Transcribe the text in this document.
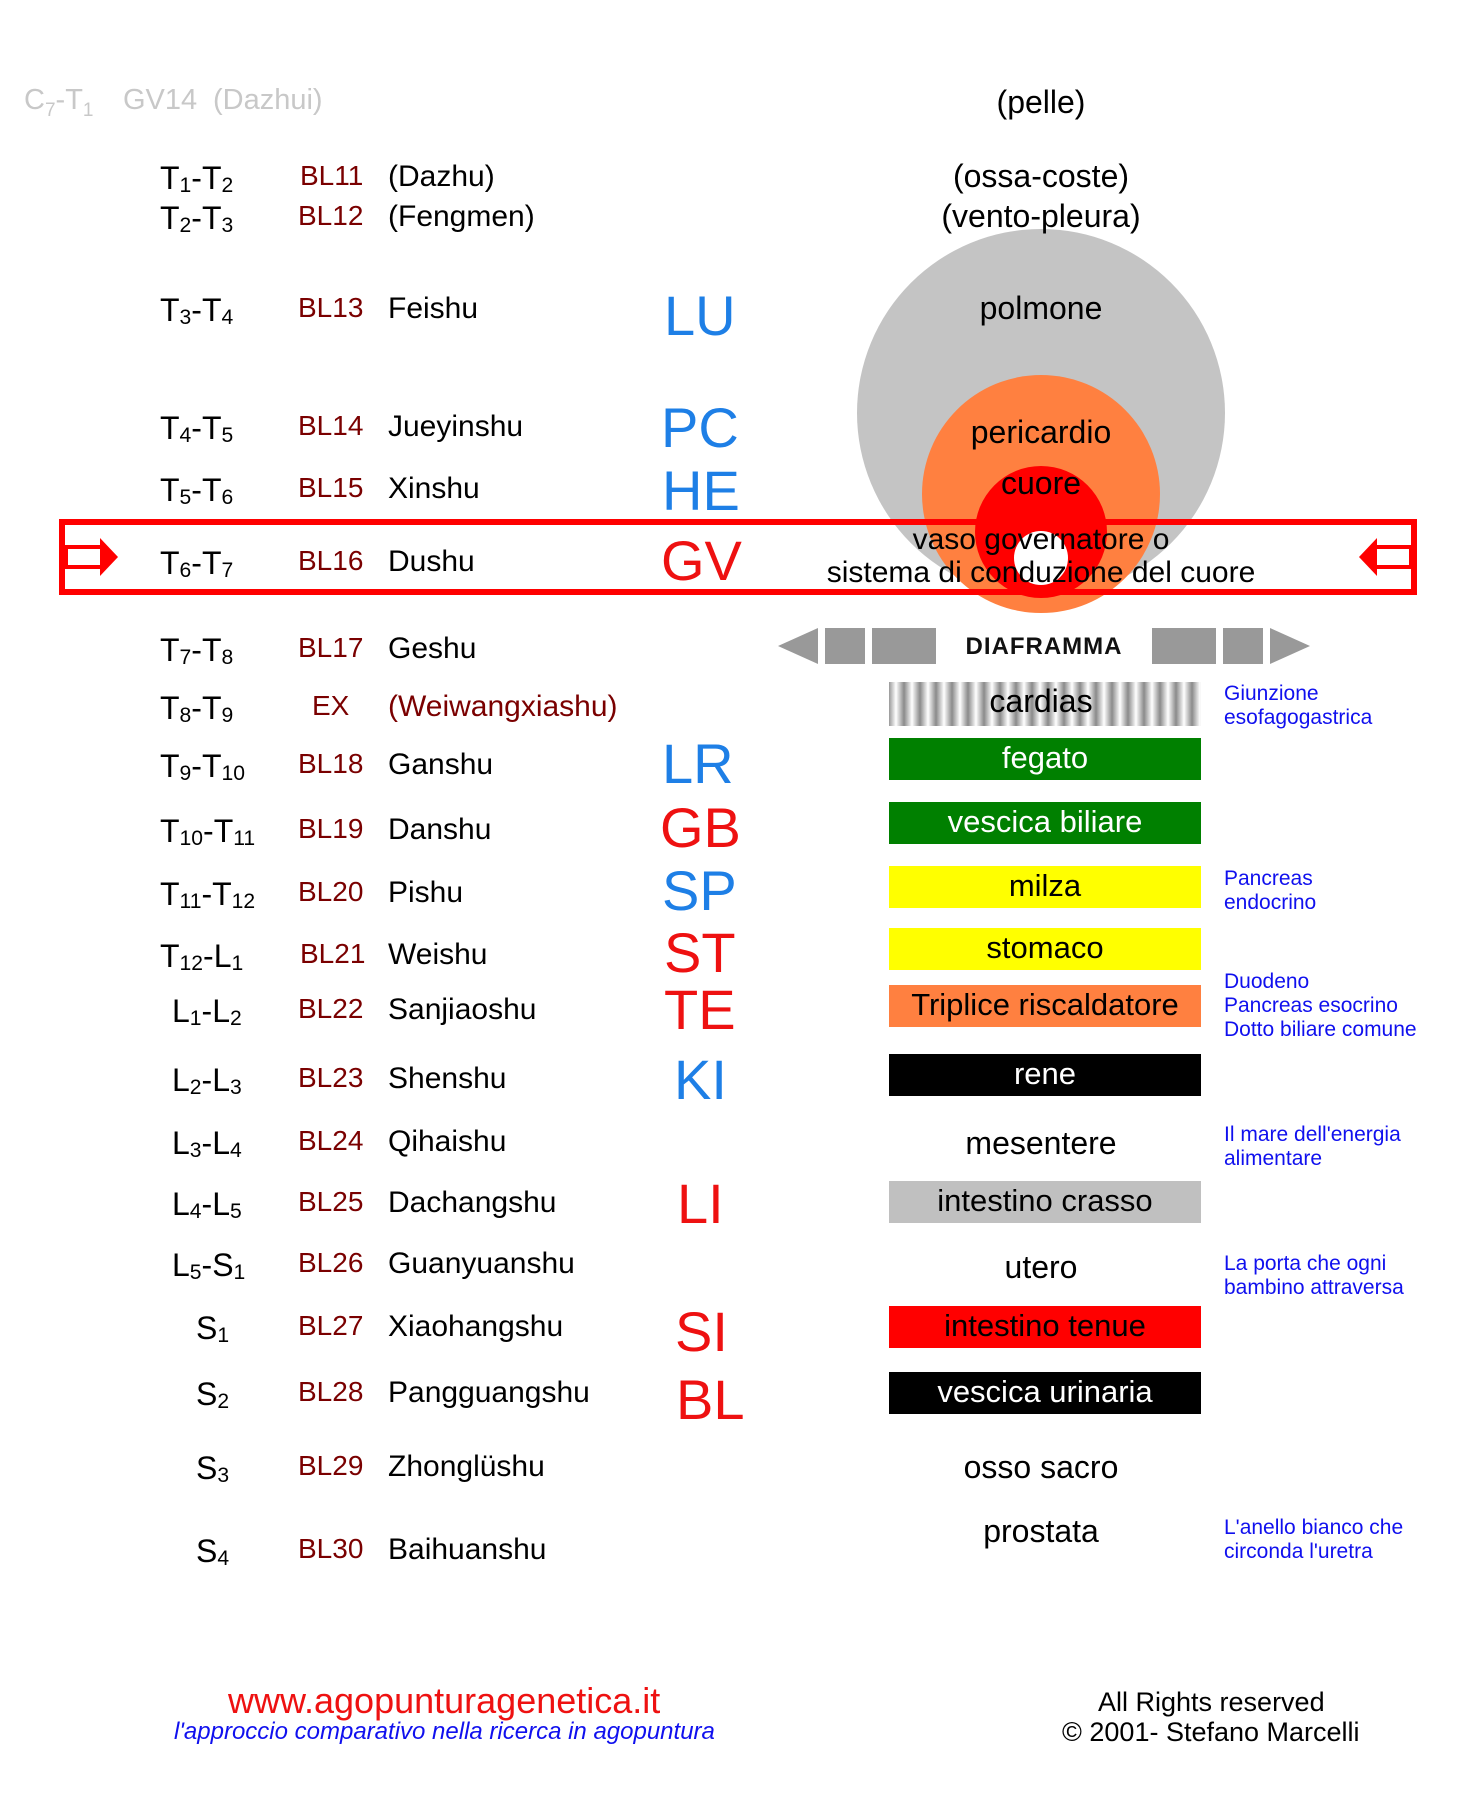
$C_7-T_1$ GV14 (Dazhui)	(pelle)
(ossa-coste)
(vento-pleura)
polmone
pericardio
cuore
vaso governatore o
sistema di conduzione del cuore
DIAFRAMMA
cardias
fegato
vescica biliare
milza
stomaco
Triplice riscaldatore
rene
mesentere
intestino crasso
utero
intestino tenue
vescica urinaria
osso sacro
prostata
Giunzione
esofagogastrica
Pancreas
endocrino
Duodeno
Pancreas esocrino
Dotto biliare comune
Il mare dell'energia
alimentare
La porta che ogni
bambino attraversa
L'anello bianco che
circonda l'uretra
$T_1-T_2$ BL11 (Dazhu)
$T_2-T_3$ BL12 (Fengmen)
$T_3-T_4$ BL13 Feishu
$T_4-T_5$ BL14 Jueyinshu
$T_5-T_6$ BL15 Xinshu
$T_6-T_7$ BL16 Dushu
$T_7-T_8$ BL17 Geshu
$T_8-T_9$	EX (Weiwangxiashu)
$T_9-T_{10}$ BL18 Ganshu
$T_{10}-T_{11}$ BL19 Danshu
$T_{11}-T_{12}$ BL20 Pishu
$T_{12}-L_1$ BL21 Weishu
$L_1-L_2$ BL22 Sanjiaoshu
$L_2-L_3$ BL23 Shenshu
$L_3-L_4$ BL24 Qihaishu
$L_4-L_5$ BL25 Dachangshu
$L_5-S_1$ BL26 Guanyuanshu
$S_1$ BL27 Xiaohangshu
$S_2$ BL28 Pangguangshu
$S_3$ BL29 Zhonglüshu
$S_4$ BL30 Baihuanshu
LU
PC
HE
GV
LR
GB
SP
ST
TE
KI
LI
SI
BL
www.agopunturagenetica.it
l'approccio comparativo nella ricerca in agopuntura
All Rights reserved
© 2001- Stefano Marcelli
